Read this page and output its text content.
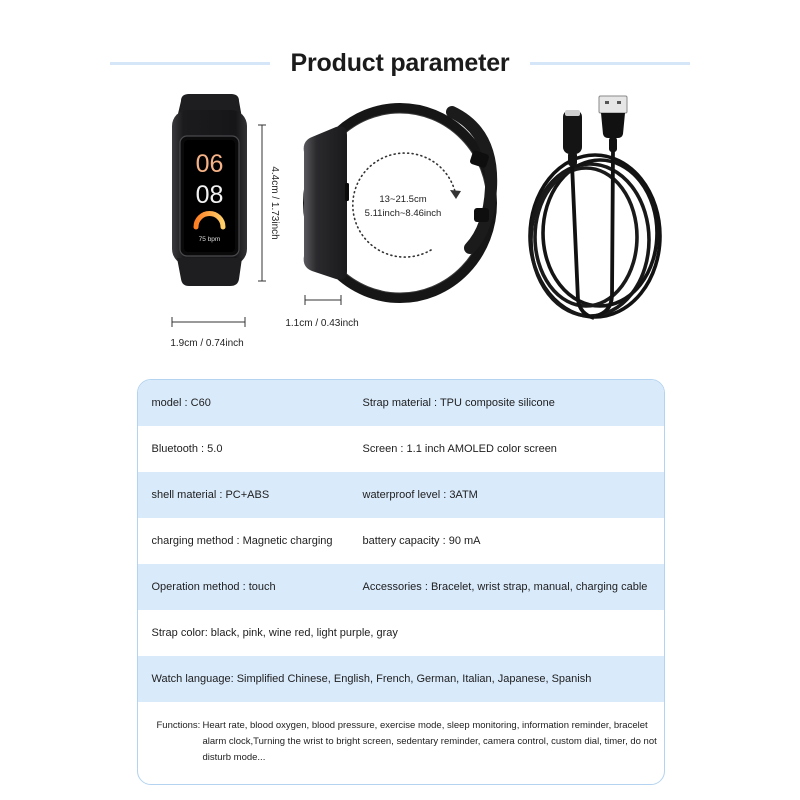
Product parameter
06
08
75 bpm	4.4cm / 1.73inch
1.9cm / 0.74inch
13~21.5cm
5.11inch~8.46inch
1.1cm / 0.43inch
model : C60	Strap material : TPU composite silicone
Bluetooth : 5.0	Screen : 1.1 inch AMOLED color screen
shell material : PC+ABS	waterproof level : 3ATM
charging method : Magnetic charging	battery capacity : 90 mA
Operation method : touch	Accessories : Bracelet, wrist strap, manual, charging cable
Strap color: black, pink, wine red, light purple, gray
Watch language: Simplified Chinese, English, French, German, Italian, Japanese, Spanish
Functions: Heart rate, blood oxygen, blood pressure, exercise mode, sleep monitoring, information reminder, bracelet alarm clock,Turning the wrist to bright screen, sedentary reminder, camera control, custom dial, timer, do not disturb mode...
